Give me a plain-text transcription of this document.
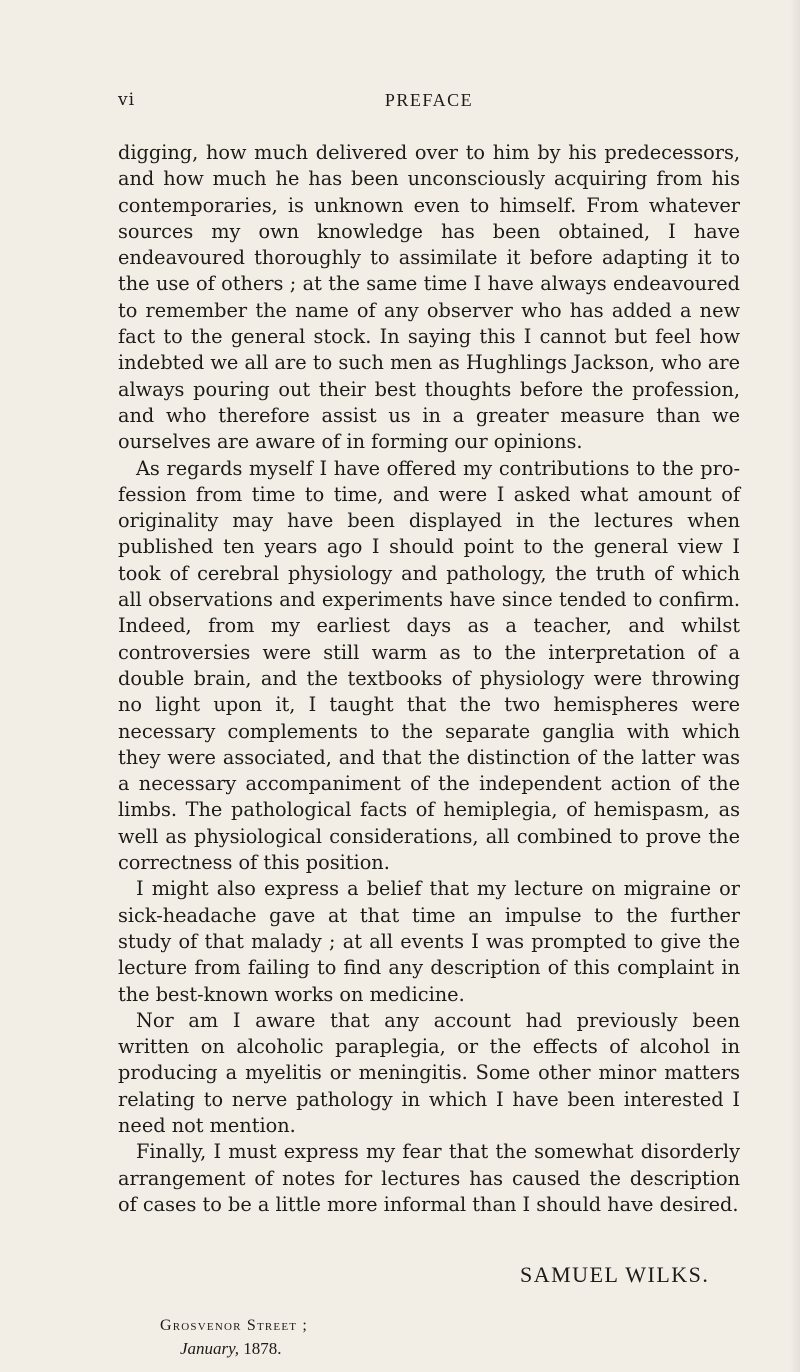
vi	PREFACE

digging, how much delivered over to him by his predecessors, and how much he has been unconsciously acquiring from his contemporaries, is unknown even to himself. From whatever sources my own knowledge has been obtained, I have endeavoured thoroughly to assimilate it before adapting it to the use of others ; at the same time I have always endeavoured to remember the name of any observer who has added a new fact to the general stock. In saying this I cannot but feel how indebted we all are to such men as Hughlings Jackson, who are always pouring out their best thoughts before the profession, and who therefore assist us in a greater measure than we ourselves are aware of in forming our opinions.

As regards myself I have offered my contributions to the profession from time to time, and were I asked what amount of originality may have been displayed in the lectures when published ten years ago I should point to the general view I took of cerebral physiology and pathology, the truth of which all observations and experiments have since tended to confirm. Indeed, from my earliest days as a teacher, and whilst controversies were still warm as to the interpretation of a double brain, and the textbooks of physiology were throwing no light upon it, I taught that the two hemispheres were necessary complements to the separate ganglia with which they were associated, and that the distinction of the latter was a necessary accompaniment of the independent action of the limbs. The pathological facts of hemiplegia, of hemispasm, as well as physiological considerations, all combined to prove the correctness of this position.

I might also express a belief that my lecture on migraine or sick-headache gave at that time an impulse to the further study of that malady ; at all events I was prompted to give the lecture from failing to find any description of this complaint in the best-known works on medicine.

Nor am I aware that any account had previously been written on alcoholic paraplegia, or the effects of alcohol in producing a myelitis or meningitis. Some other minor matters relating to nerve pathology in which I have been interested I need not mention.

Finally, I must express my fear that the somewhat disorderly arrangement of notes for lectures has caused the description of cases to be a little more informal than I should have desired.

SAMUEL WILKS.
Grosvenor Street ;
January, 1878.
